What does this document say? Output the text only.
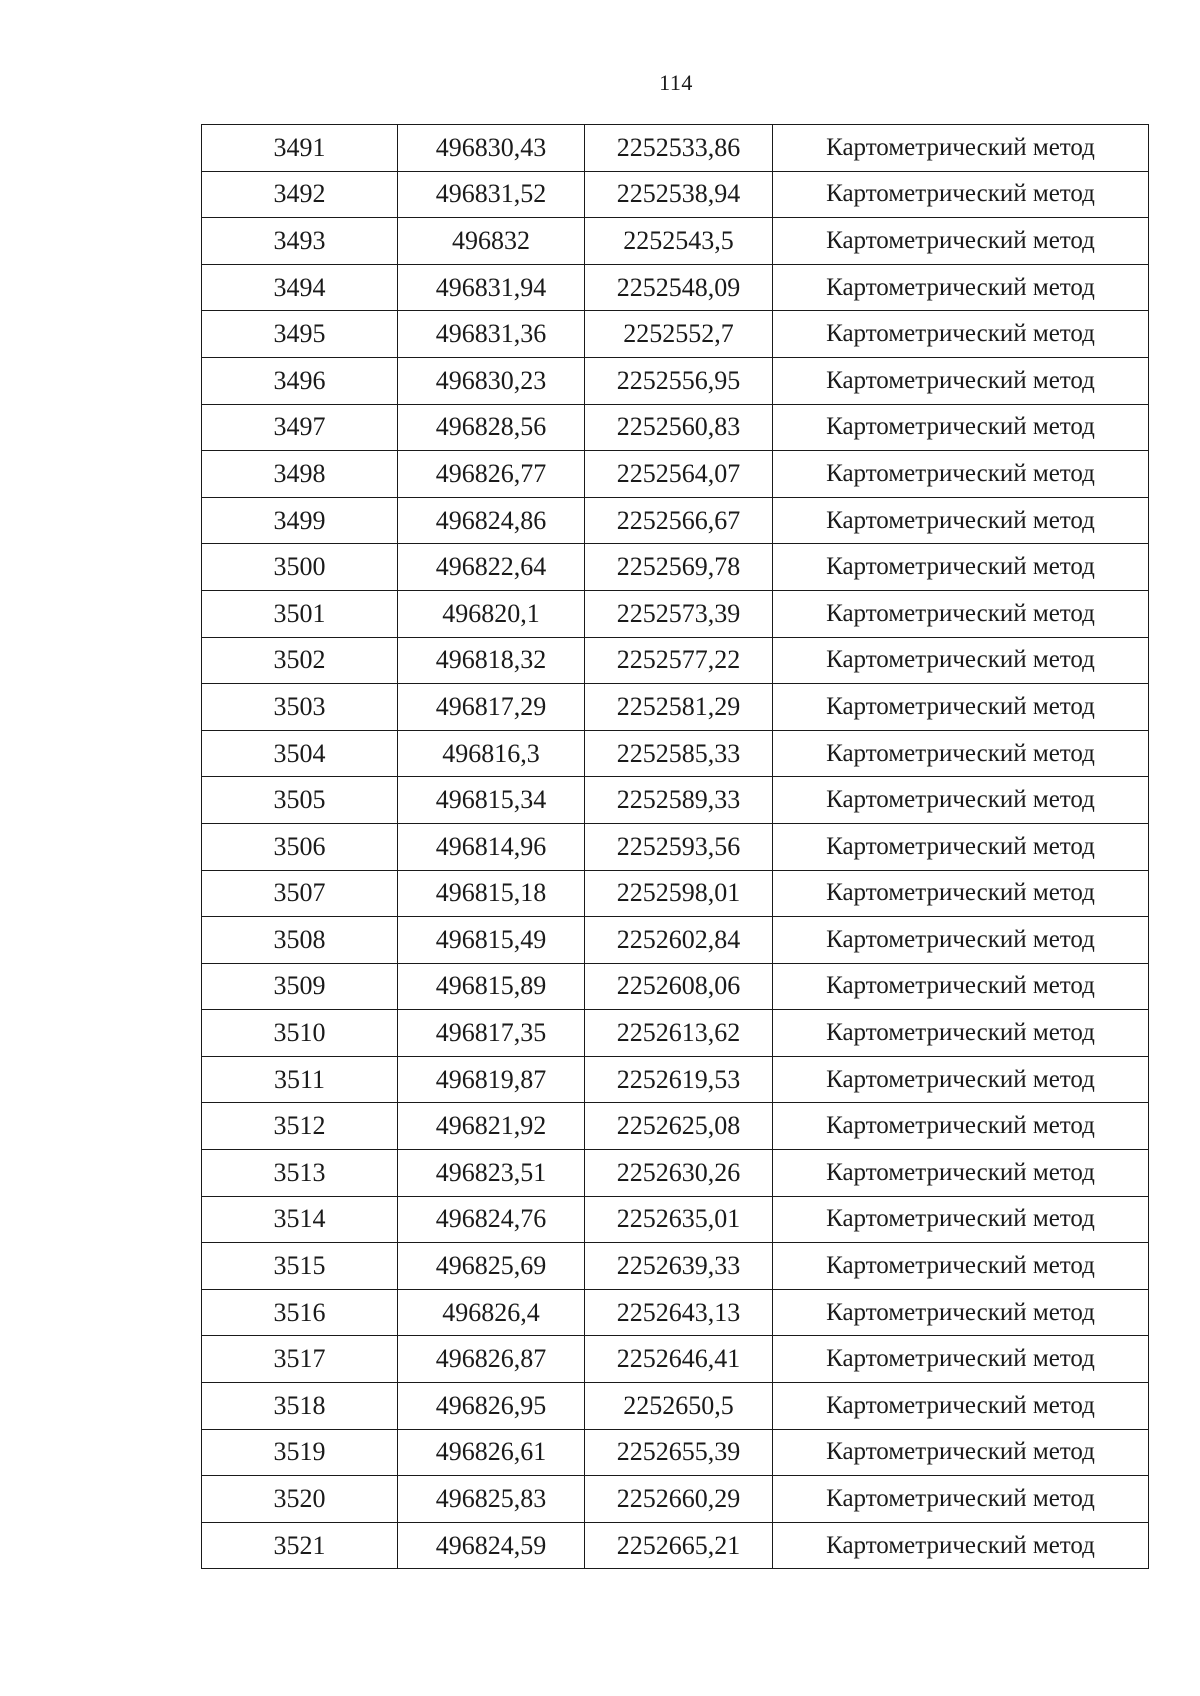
114
3491	496830,43	2252533,86	Картометрический метод
3492	496831,52	2252538,94	Картометрический метод
3493	496832	2252543,5	Картометрический метод
3494	496831,94	2252548,09	Картометрический метод
3495	496831,36	2252552,7	Картометрический метод
3496	496830,23	2252556,95	Картометрический метод
3497	496828,56	2252560,83	Картометрический метод
3498	496826,77	2252564,07	Картометрический метод
3499	496824,86	2252566,67	Картометрический метод
3500	496822,64	2252569,78	Картометрический метод
3501	496820,1	2252573,39	Картометрический метод
3502	496818,32	2252577,22	Картометрический метод
3503	496817,29	2252581,29	Картометрический метод
3504	496816,3	2252585,33	Картометрический метод
3505	496815,34	2252589,33	Картометрический метод
3506	496814,96	2252593,56	Картометрический метод
3507	496815,18	2252598,01	Картометрический метод
3508	496815,49	2252602,84	Картометрический метод
3509	496815,89	2252608,06	Картометрический метод
3510	496817,35	2252613,62	Картометрический метод
3511	496819,87	2252619,53	Картометрический метод
3512	496821,92	2252625,08	Картометрический метод
3513	496823,51	2252630,26	Картометрический метод
3514	496824,76	2252635,01	Картометрический метод
3515	496825,69	2252639,33	Картометрический метод
3516	496826,4	2252643,13	Картометрический метод
3517	496826,87	2252646,41	Картометрический метод
3518	496826,95	2252650,5	Картометрический метод
3519	496826,61	2252655,39	Картометрический метод
3520	496825,83	2252660,29	Картометрический метод
3521	496824,59	2252665,21	Картометрический метод
